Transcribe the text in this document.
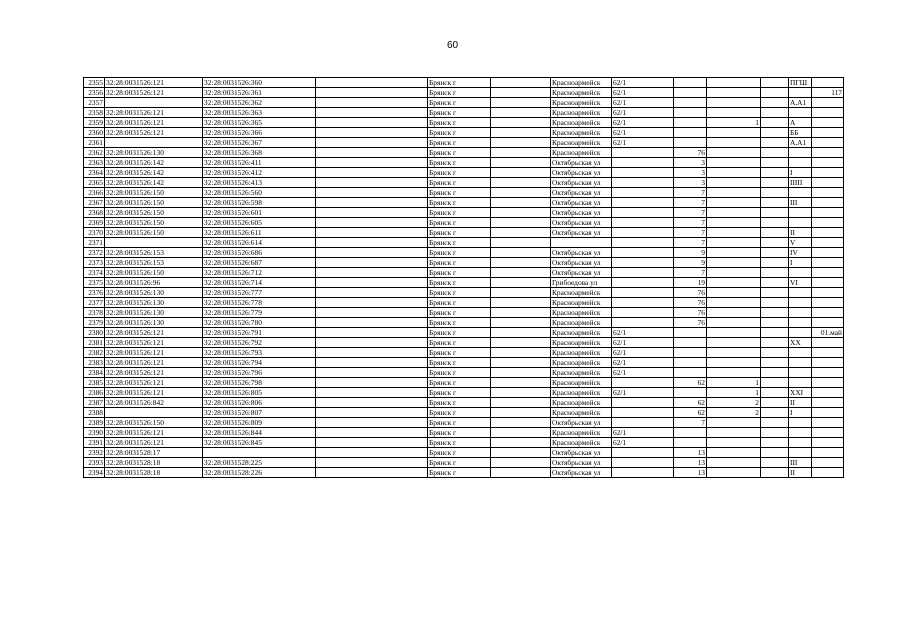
60
2355	32:28:0031526:121	32:28:0031526:360		Брянск г		Красноармейск	62/1				ПГШ	
2356	32:28:0031526:121	32:28:0031526:361		Брянск г		Красноармейск	62/1					117
2357		32:28:0031526:362		Брянск г		Красноармейск	62/1				А,А1	
2358	32:28:0031526:121	32:28:0031526:363		Брянск г		Красноармейск	62/1					
2359	32:28:0031526:121	32:28:0031526:365		Брянск г		Красноармейск	62/1		1		А	
2360	32:28:0031526:121	32:28:0031526:366		Брянск г		Красноармейск	62/1				ББ	
2361		32:28:0031526:367		Брянск г		Красноармейск	62/1				А,А1	
2362	32:28:0031526:130	32:28:0031526:368		Брянск г		Красноармейск		76				
2363	32:28:0031526:142	32:28:0031526:411		Брянск г		Октябрьская ул		3				
2364	32:28:0031526:142	32:28:0031526:412		Брянск г		Октябрьская ул		3			I	
2365	32:28:0031526:142	32:28:0031526:413		Брянск г		Октябрьская ул		3			IIIII	
2366	32:28:0031526:150	32:28:0031526:560		Брянск г		Октябрьская ул		7				
2367	32:28:0031526:150	32:28:0031526:598		Брянск г		Октябрьская ул		7			III	
2368	32:28:0031526:150	32:28:0031526:601		Брянск г		Октябрьская ул		7				
2369	32:28:0031526:150	32:28:0031526:605		Брянск г		Октябрьская ул		7				
2370	32:28:0031526:150	32:28:0031526:611		Брянск г		Октябрьская ул		7			II	
2371		32:28:0031526:614		Брянск г				7			V	
2372	32:28:0031526:153	32:28:0031526:686		Брянск г		Октябрьская ул		9			IV	
2373	32:28:0031526:153	32:28:0031526:687		Брянск г		Октябрьская ул		9			I	
2374	32:28:0031526:150	32:28:0031526:712		Брянск г		Октябрьская ул		7				
2375	32:28:0031526:96	32:28:0031526:714		Брянск г		Грибоедова ул		19			VI	
2376	32:28:0031526:130	32:28:0031526:777		Брянск г		Красноармейск		76				
2377	32:28:0031526:130	32:28:0031526:778		Брянск г		Красноармейск		76				
2378	32:28:0031526:130	32:28:0031526:779		Брянск г		Красноармейск		76				
2379	32:28:0031526:130	32:28:0031526:780		Брянск г		Красноармейск		76				
2380	32:28:0031526:121	32:28:0031526:791		Брянск г		Красноармейск	62/1					01.май
2381	32:28:0031526:121	32:28:0031526:792		Брянск г		Красноармейск	62/1				XX	
2382	32:28:0031526:121	32:28:0031526:793		Брянск г		Красноармейск	62/1					
2383	32:28:0031526:121	32:28:0031526:794		Брянск г		Красноармейск	62/1					
2384	32:28:0031526:121	32:28:0031526:796		Брянск г		Красноармейск	62/1					
2385	32:28:0031526:121	32:28:0031526:798		Брянск г		Красноармейск		62	1			
2386	32:28:0031526:121	32:28:0031526:805		Брянск г		Красноармейск	62/1		1		XXI	
2387	32:28:0031526:842	32:28:0031526:806		Брянск г		Красноармейск		62	2		II	
2388		32:28:0031526:807		Брянск г		Красноармейск		62	2		I	
2389	32:28:0031526:150	32:28:0031526:809		Брянск г		Октябрьская ул		7				
2390	32:28:0031526:121	32:28:0031526:844		Брянск г		Красноармейск	62/1					
2391	32:28:0031526:121	32:28:0031526:845		Брянск г		Красноармейск	62/1					
2392	32:28:0031528:17			Брянск г		Октябрьская ул		13				
2393	32:28:0031528:18	32:28:0031528:225		Брянск г		Октябрьская ул		13			III	
2394	32:28:0031528:18	32:28:0031528:226		Брянск г		Октябрьская ул		13			II	
